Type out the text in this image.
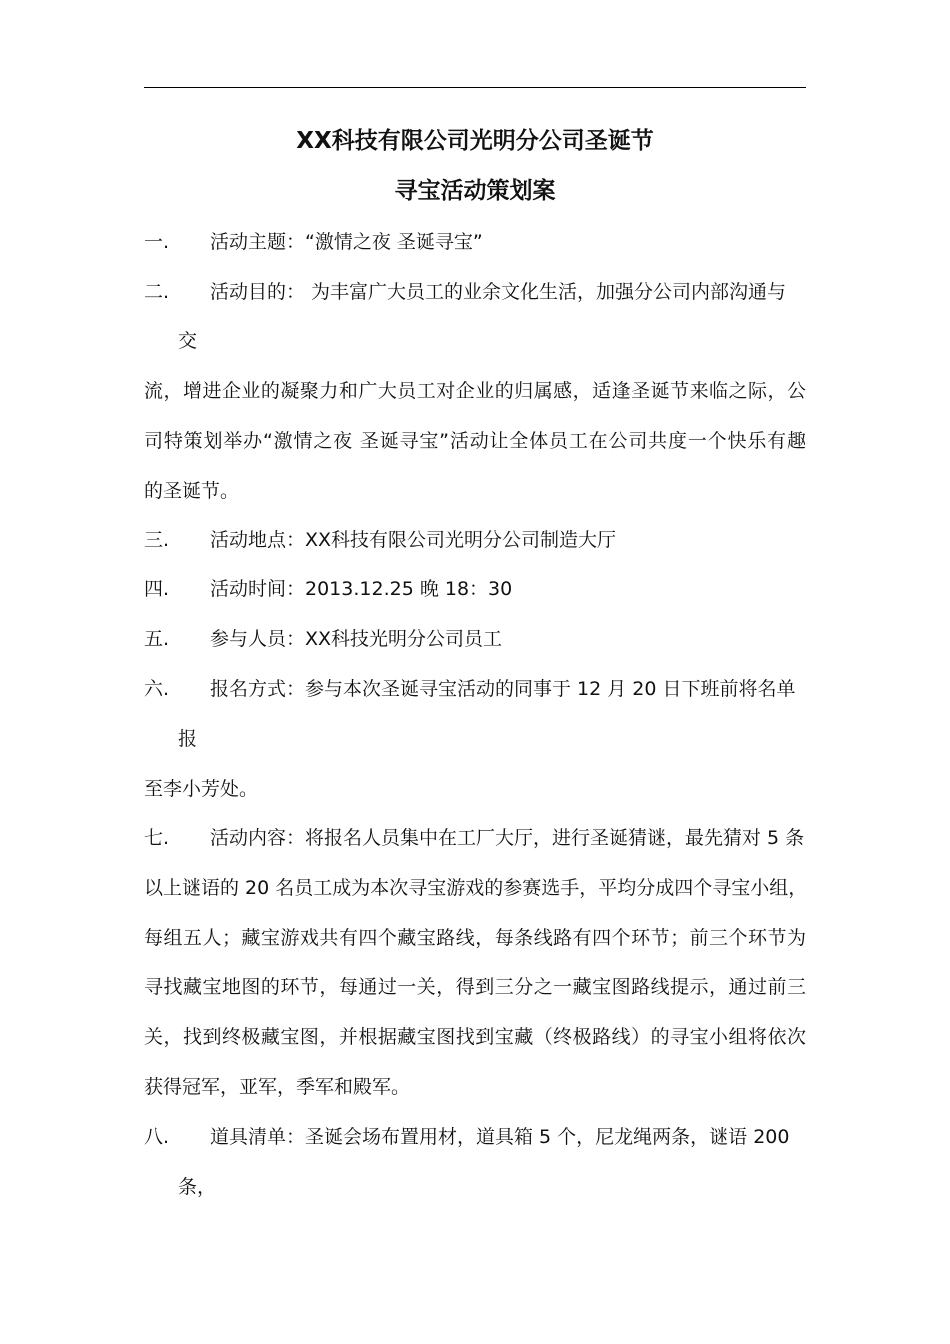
XX科技有限公司光明分公司圣诞节
寻宝活动策划案
一. 活动主题：“激情之夜 圣诞寻宝”
二. 活动目的： 为丰富广大员工的业余文化生活，加强分公司内部沟通与
交
流，增进企业的凝聚力和广大员工对企业的归属感，适逢圣诞节来临之际，公
司特策划举办“激情之夜 圣诞寻宝”活动让全体员工在公司共度一个快乐有趣
的圣诞节。
三. 活动地点：XX科技有限公司光明分公司制造大厅
四. 活动时间：2013.12.25 晚 18：30
五. 参与人员：XX科技光明分公司员工
六. 报名方式：参与本次圣诞寻宝活动的同事于 12 月 20 日下班前将名单
报
至李小芳处。
七. 活动内容：将报名人员集中在工厂大厅，进行圣诞猜谜，最先猜对 5 条
以上谜语的 20 名员工成为本次寻宝游戏的参赛选手，平均分成四个寻宝小组，
每组五人；藏宝游戏共有四个藏宝路线，每条线路有四个环节；前三个环节为
寻找藏宝地图的环节，每通过一关，得到三分之一藏宝图路线提示，通过前三
关，找到终极藏宝图，并根据藏宝图找到宝藏（终极路线）的寻宝小组将依次
获得冠军，亚军，季军和殿军。
八. 道具清单：圣诞会场布置用材，道具箱 5 个，尼龙绳两条，谜语 200
条，
